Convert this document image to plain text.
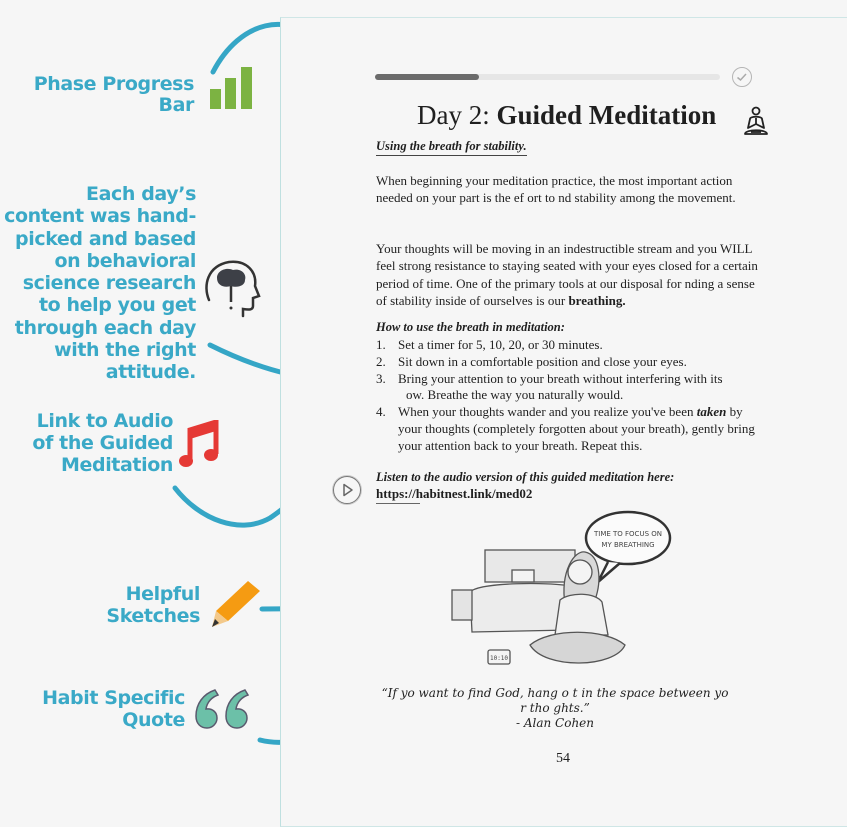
Phase Progress
Bar
Each day’s
content was hand-
picked and based
on behavioral
science research
to help you get
through each day
with the right
attitude.
Link to Audio
of the Guided
Meditation
Helpful
Sketches
Habit Specific
Quote
Day 2: Guided Meditation
Using the breath for stability.
When beginning your meditation practice, the most important action needed on your part is the ef ort to nd stability among the movement.
Your thoughts will be moving in an indestructible stream and you WILL feel strong resistance to staying seated with your eyes closed for a certain period of time. One of the primary tools at our disposal for nding a sense of stability inside of ourselves is our breathing.
How to use the breath in meditation:
1. Set a timer for 5, 10, 20, or 30 minutes.
2. Sit down in a comfortable position and close your eyes.
3. Bring your attention to your breath without interfering with its
ow. Breathe the way you naturally would.
4. When your thoughts wander and you realize you've been taken by your thoughts (completely forgotten about your breath), gently bring your attention back to your breath. Repeat this.
Listen to the audio version of this guided meditation here:
https://habitnest.link/med02
TIME TO FOCUS ON
MY BREATHING
10:10
“If yo want to find God, hang o t in the space between yo r tho ghts.”
- Alan Cohen
54
